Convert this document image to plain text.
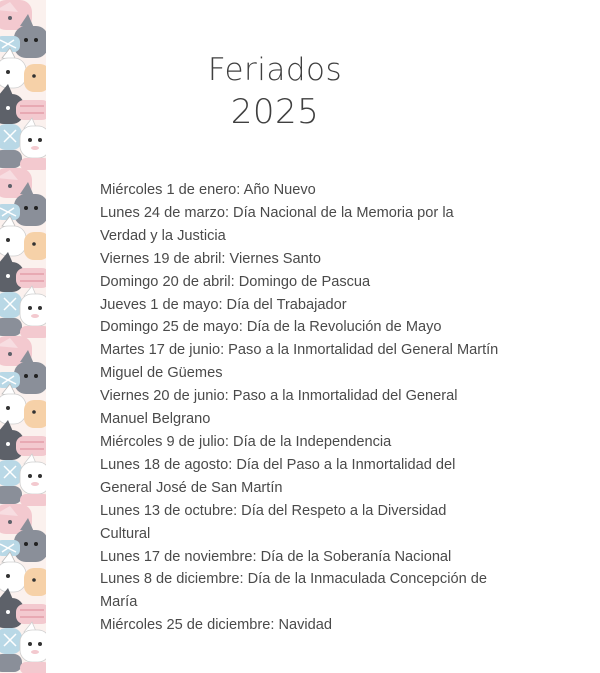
Feriados
2025
Miércoles 1 de enero: Año Nuevo
Lunes 24 de marzo: Día Nacional de la Memoria por la Verdad y la Justicia
Viernes 19 de abril: Viernes Santo
Domingo 20 de abril: Domingo de Pascua
Jueves 1 de mayo: Día del Trabajador
Domingo 25 de mayo: Día de la Revolución de Mayo
Martes 17 de junio: Paso a la Inmortalidad del General Martín Miguel de Güemes
Viernes 20 de junio: Paso a la Inmortalidad del General Manuel Belgrano
Miércoles 9 de julio: Día de la Independencia
Lunes 18 de agosto: Día del Paso a la Inmortalidad del General José de San Martín
Lunes 13 de octubre: Día del Respeto a la Diversidad Cultural
Lunes 17 de noviembre: Día de la Soberanía Nacional
Lunes 8 de diciembre: Día de la Inmaculada Concepción de María
Miércoles 25 de diciembre: Navidad
